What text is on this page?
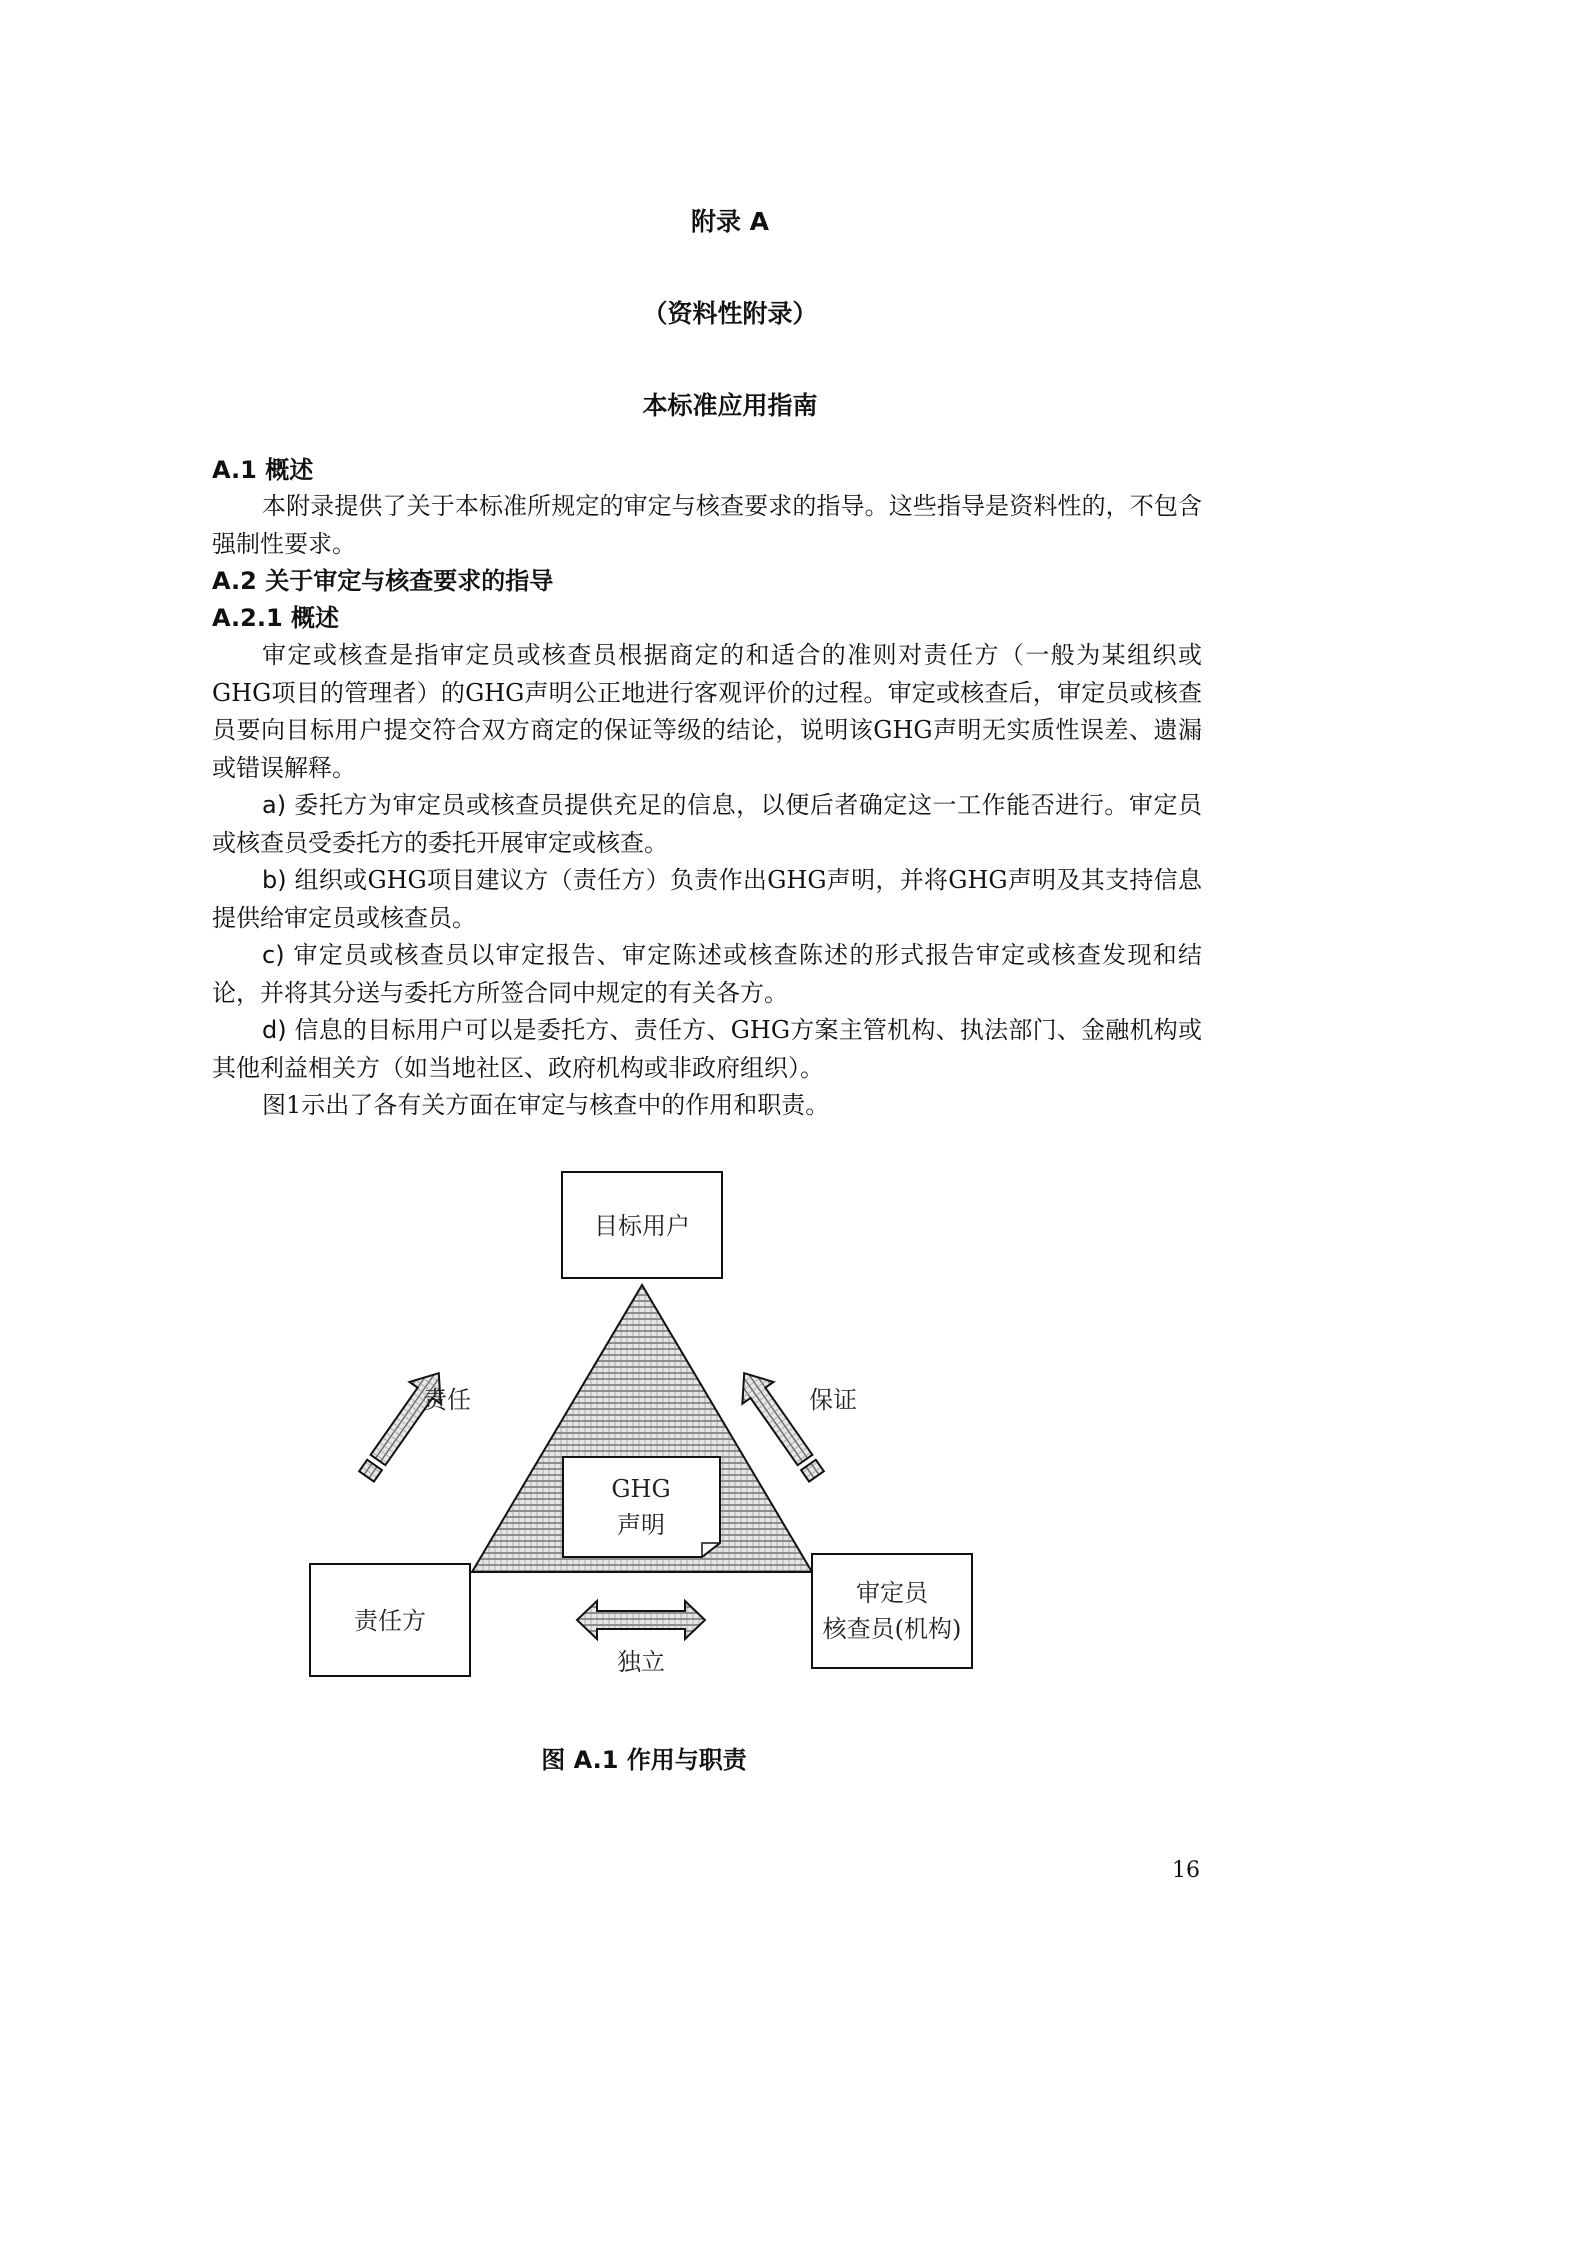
附录 A
（资料性附录）
本标准应用指南
A.1 概述

本附录提供了关于本标准所规定的审定与核查要求的指导。这些指导是资料性的，不包含强制性要求。

A.2 关于审定与核查要求的指导
A.2.1 概述

审定或核查是指审定员或核查员根据商定的和适合的准则对责任方（一般为某组织或GHG项目的管理者）的GHG声明公正地进行客观评价的过程。审定或核查后，审定员或核查员要向目标用户提交符合双方商定的保证等级的结论，说明该GHG声明无实质性误差、遗漏或错误解释。

a) 委托方为审定员或核查员提供充足的信息，以便后者确定这一工作能否进行。审定员或核查员受委托方的委托开展审定或核查。

b) 组织或GHG项目建议方（责任方）负责作出GHG声明，并将GHG声明及其支持信息提供给审定员或核查员。

c) 审定员或核查员以审定报告、审定陈述或核查陈述的形式报告审定或核查发现和结论，并将其分送与委托方所签合同中规定的有关各方。

d) 信息的目标用户可以是委托方、责任方、GHG方案主管机构、执法部门、金融机构或其他利益相关方（如当地社区、政府机构或非政府组织）。

图1示出了各有关方面在审定与核查中的作用和职责。

目标用户
GHG
声明
责任方
审定员
核查员(机构)
责任	保证
独立

图 A.1 作用与职责

16
